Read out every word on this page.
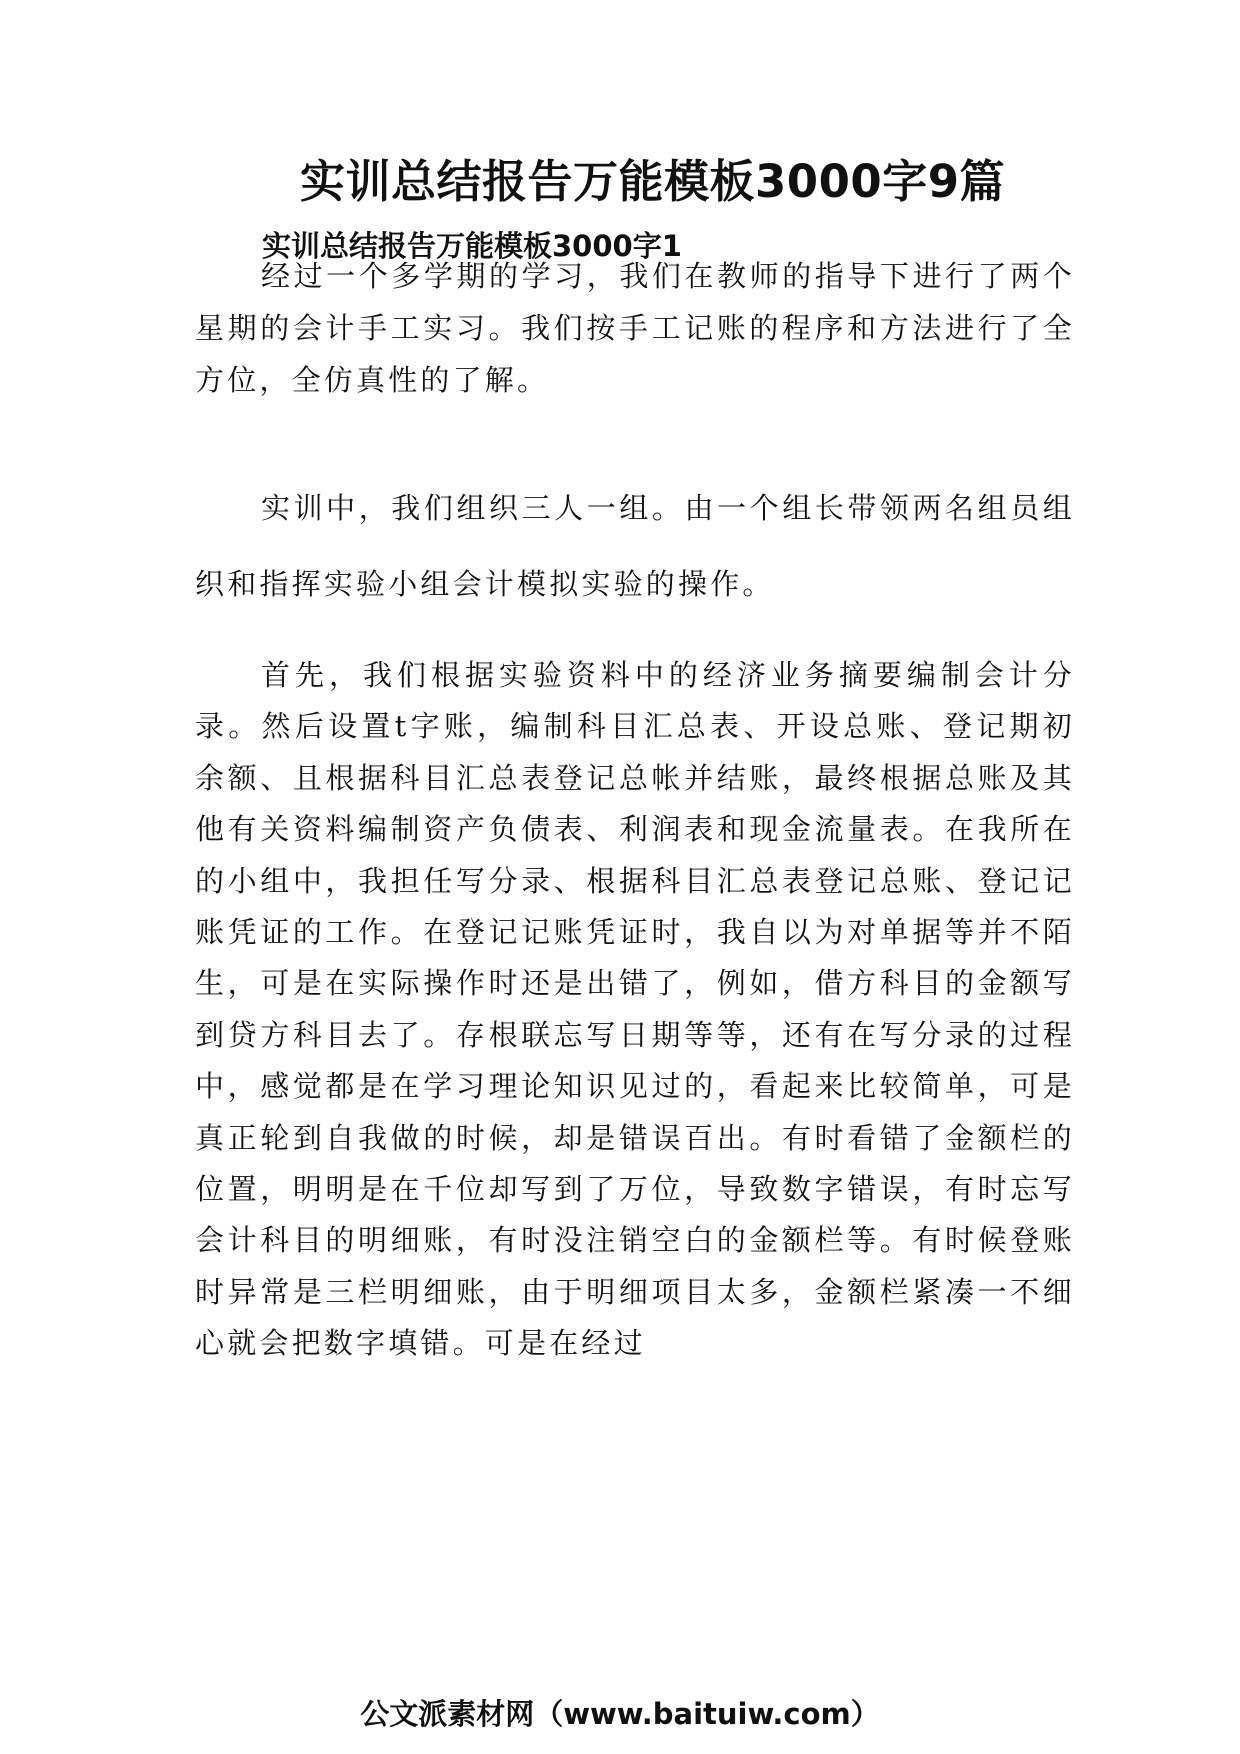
实训总结报告万能模板3000字9篇
实训总结报告万能模板3000字1

经过一个多学期的学习，我们在教师的指导下进行了两个星期的会计手工实习。我们按手工记账的程序和方法进行了全方位，全仿真性的了解。

实训中，我们组织三人一组。由一个组长带领两名组员组织和指挥实验小组会计模拟实验的操作。

首先，我们根据实验资料中的经济业务摘要编制会计分录。然后设置t字账，编制科目汇总表、开设总账、登记期初余额、且根据科目汇总表登记总帐并结账，最终根据总账及其他有关资料编制资产负债表、利润表和现金流量表。在我所在的小组中，我担任写分录、根据科目汇总表登记总账、登记记账凭证的工作。在登记记账凭证时，我自以为对单据等并不陌生，可是在实际操作时还是出错了，例如，借方科目的金额写到贷方科目去了。存根联忘写日期等等，还有在写分录的过程中，感觉都是在学习理论知识见过的，看起来比较简单，可是真正轮到自我做的时候，却是错误百出。有时看错了金额栏的位置，明明是在千位却写到了万位，导致数字错误，有时忘写会计科目的明细账，有时没注销空白的金额栏等。有时候登账时异常是三栏明细账，由于明细项目太多，金额栏紧凑一不细心就会把数字填错。可是在经过

公文派素材网（www.baituiw.com）
